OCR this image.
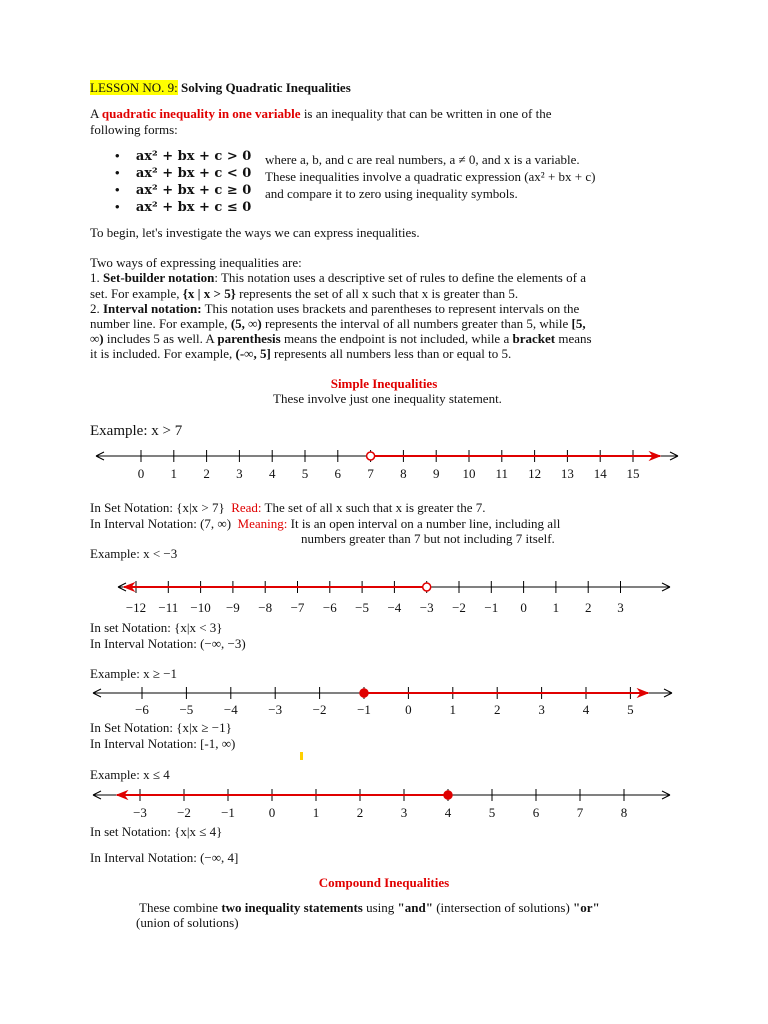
LESSON NO. 9: Solving Quadratic Inequalities
A quadratic inequality in one variable is an inequality that can be written in one of the
following forms:
•     ax² + bx + c > 0
•     ax² + bx + c < 0
•     ax² + bx + c ≥ 0
•     ax² + bx + c ≤ 0
where a, b, and c are real numbers, a ≠ 0, and x is a variable.
These inequalities involve a quadratic expression (ax² + bx + c)
and compare it to zero using inequality symbols.
To begin, let's investigate the ways we can express inequalities.
Two ways of expressing inequalities are:
1. Set-builder notation: This notation uses a descriptive set of rules to define the elements of a
set. For example, {x | x > 5} represents the set of all x such that x is greater than 5.
2. Interval notation: This notation uses brackets and parentheses to represent intervals on the
number line. For example, (5, ∞) represents the interval of all numbers greater than 5, while [5,
∞) includes 5 as well. A parenthesis means the endpoint is not included, while a bracket means
it is included. For example, (-∞, 5] represents all numbers less than or equal to 5.
Simple Inequalities
These involve just one inequality statement.
Example: x > 7
0 1 2 3 4 5 6 7 8 9 10 11 12 13 14 15
In Set Notation: {x|x > 7} Read: The set of all x such that x is greater the 7.
In Interval Notation: (7, ∞) Meaning: It is an open interval on a number line, including all
numbers greater than 7 but not including 7 itself.
Example: x < −3
−12 −11 −10 −9 −8 −7 −6 −5 −4 −3 −2 −1 0 1 2 3
In set Notation: {x|x < 3}
In Interval Notation: (−∞, −3)
Example: x ≥ −1
−6 −5 −4 −3 −2 −1	0	1	2	3	4	5
In Set Notation: {x|x ≥ −1}
In Interval Notation: [-1, ∞)
Example: x ≤ 4
−3 −2 −1	0	1	2	3	4	5	6	7	8
In set Notation: {x|x ≤ 4}
In Interval Notation: (−∞, 4]
Compound Inequalities
These combine two inequality statements using "and" (intersection of solutions) "or"
(union of solutions)
